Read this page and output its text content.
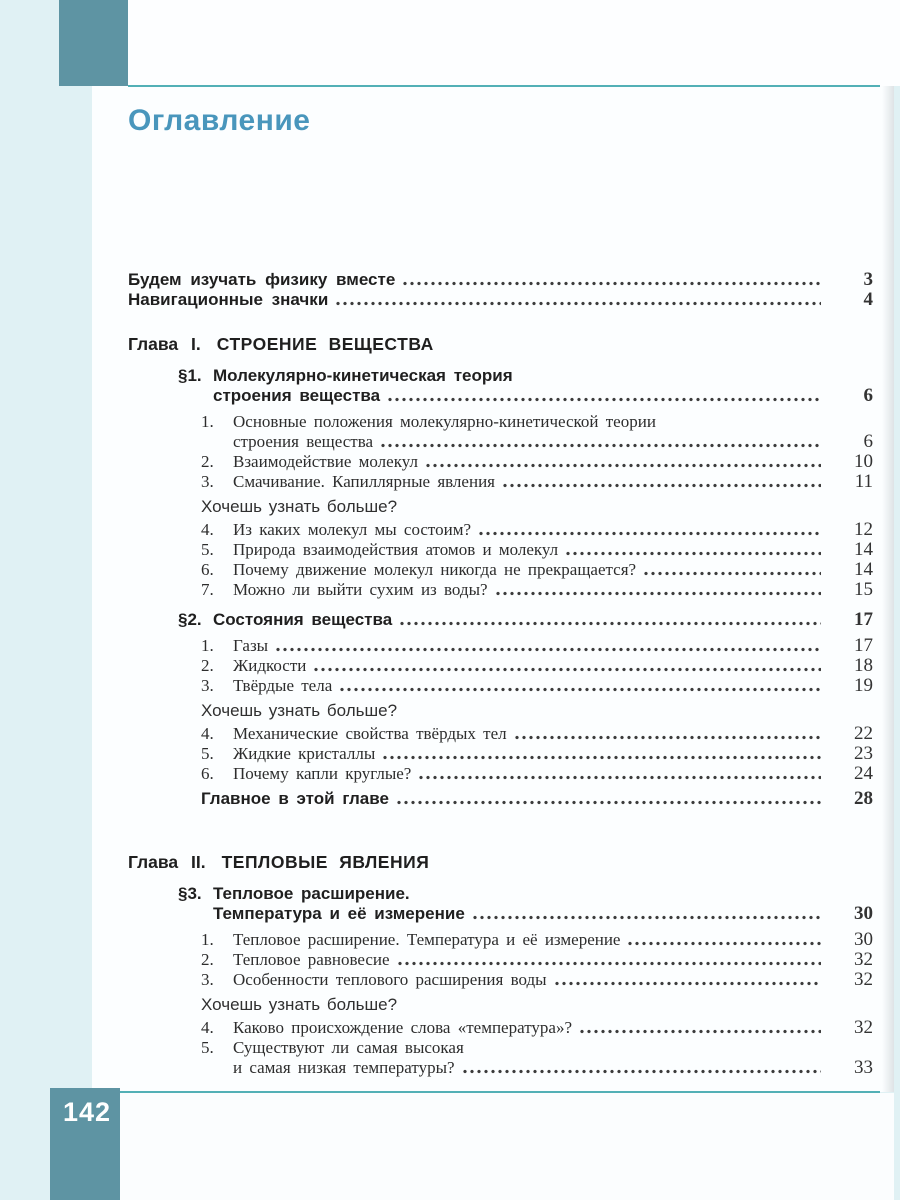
Оглавление
Будем изучать физику вместе	3
Навигационные значки	4
Глава I. СТРОЕНИЕ ВЕЩЕСТВА
§1. Молекулярно-кинетическая теория
строения вещества	6
1.	Основные положения молекулярно-кинетической теории
строения вещества	6
2.	Взаимодействие молекул	10
3.	Смачивание. Капиллярные явления	11
Хочешь узнать больше?
4.	Из каких молекул мы состоим?	12
5.	Природа взаимодействия атомов и молекул	14
6.	Почему движение молекул никогда не прекращается?	14
7.	Можно ли выйти сухим из воды?	15
§2. Состояния вещества	17
1.	Газы	17
2.	Жидкости	18
3.	Твёрдые тела	19
Хочешь узнать больше?
4.	Механические свойства твёрдых тел	22
5.	Жидкие кристаллы	23
6.	Почему капли круглые?	24
Главное в этой главе	28
Глава II. ТЕПЛОВЫЕ ЯВЛЕНИЯ
§3. Тепловое расширение.
Температура и её измерение	30
1.	Тепловое расширение. Температура и её измерение	30
2.	Тепловое равновесие	32
3.	Особенности теплового расширения воды	32
Хочешь узнать больше?
4.	Каково происхождение слова «температура»?	32
5.	Существуют ли самая высокая
и самая низкая температуры?	33
142
